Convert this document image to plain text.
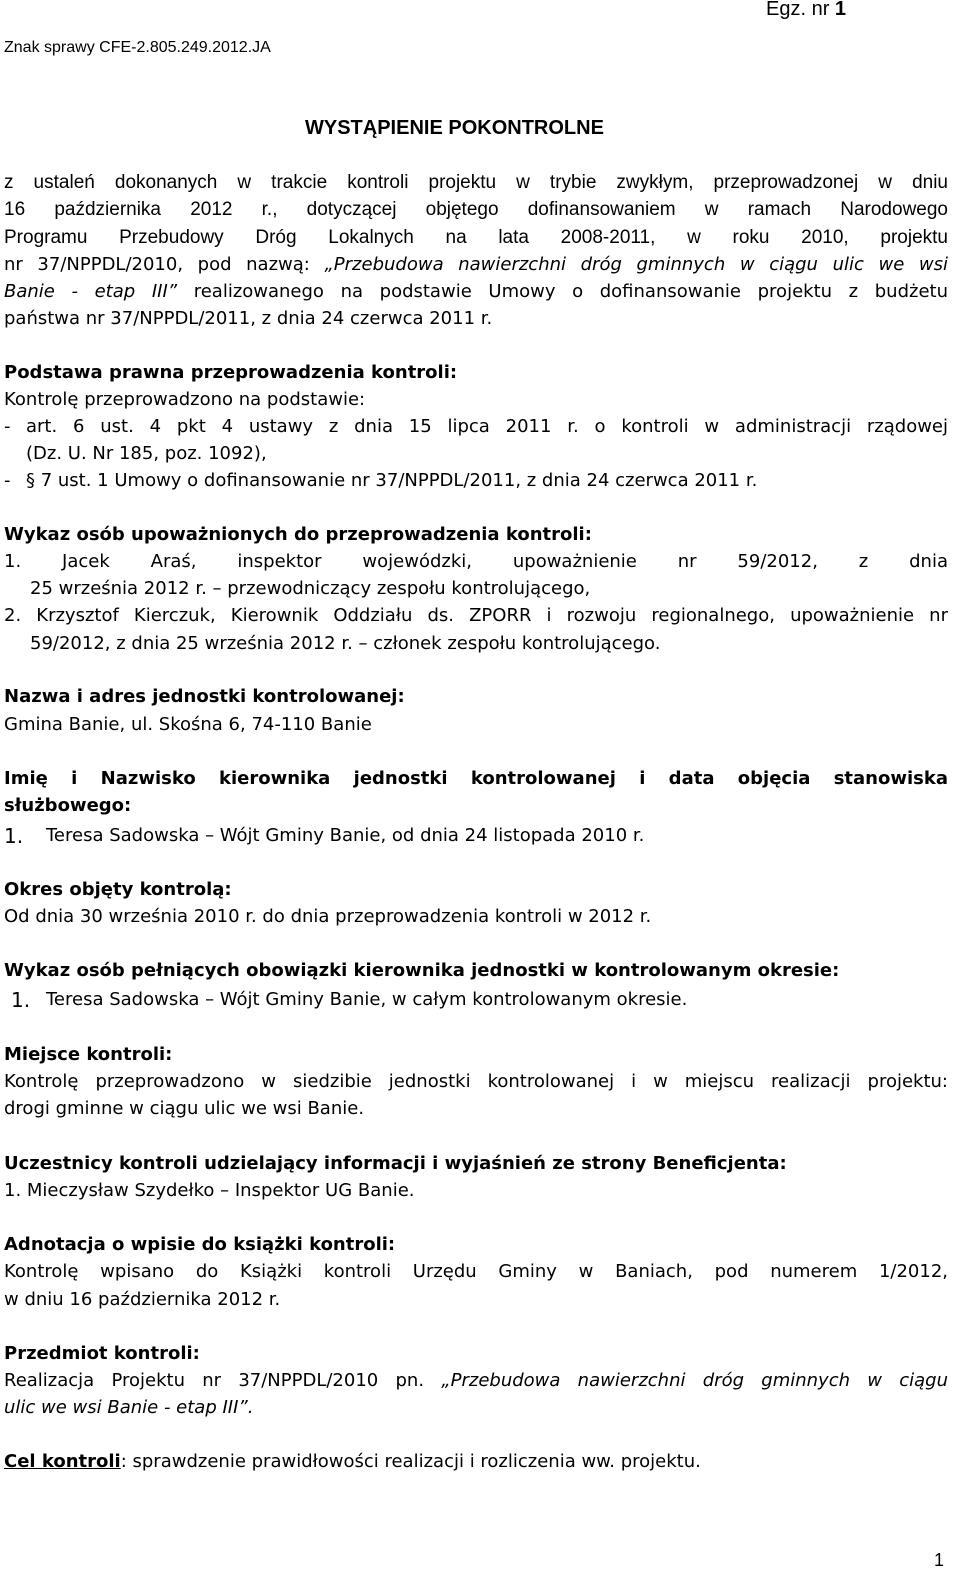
Egz. nr 1
Znak sprawy CFE-2.805.249.2012.JA
WYSTĄPIENIE POKONTROLNE
z ustaleń dokonanych w trakcie kontroli projektu w trybie zwykłym, przeprowadzonej w dniu
16 października 2012 r., dotyczącej objętego dofinansowaniem w ramach Narodowego
Programu Przebudowy Dróg Lokalnych na lata 2008-2011, w roku 2010, projektu
nr 37/NPPDL/2010, pod nazwą: „Przebudowa nawierzchni dróg gminnych w ciągu ulic we wsi
Banie - etap III” realizowanego na podstawie Umowy o dofinansowanie projektu z budżetu
państwa nr 37/NPPDL/2011, z dnia 24 czerwca 2011 r.
Podstawa prawna przeprowadzenia kontroli:
Kontrolę przeprowadzono na podstawie:
- art. 6 ust. 4 pkt 4 ustawy z dnia 15 lipca 2011 r. o kontroli w administracji rządowej
(Dz. U. Nr 185, poz. 1092),
- § 7 ust. 1 Umowy o dofinansowanie nr 37/NPPDL/2011, z dnia 24 czerwca 2011 r.
Wykaz osób upoważnionych do przeprowadzenia kontroli:
1. Jacek Araś, inspektor wojewódzki, upoważnienie nr 59/2012, z dnia
25 września 2012 r. – przewodniczący zespołu kontrolującego,
2. Krzysztof Kierczuk, Kierownik Oddziału ds. ZPORR i rozwoju regionalnego, upoważnienie nr
59/2012, z dnia 25 września 2012 r. – członek zespołu kontrolującego.
Nazwa i adres jednostki kontrolowanej:
Gmina Banie, ul. Skośna 6, 74-110 Banie
Imię i Nazwisko kierownika jednostki kontrolowanej i data objęcia stanowiska
służbowego:
1. Teresa Sadowska – Wójt Gminy Banie, od dnia 24 listopada 2010 r.
Okres objęty kontrolą:
Od dnia 30 września 2010 r. do dnia przeprowadzenia kontroli w 2012 r.
Wykaz osób pełniących obowiązki kierownika jednostki w kontrolowanym okresie:
1. Teresa Sadowska – Wójt Gminy Banie, w całym kontrolowanym okresie.
Miejsce kontroli:
Kontrolę przeprowadzono w siedzibie jednostki kontrolowanej i w miejscu realizacji projektu:
drogi gminne w ciągu ulic we wsi Banie.
Uczestnicy kontroli udzielający informacji i wyjaśnień ze strony Beneficjenta:
1. Mieczysław Szydełko – Inspektor UG Banie.
Adnotacja o wpisie do książki kontroli:
Kontrolę wpisano do Książki kontroli Urzędu Gminy w Baniach, pod numerem 1/2012,
w dniu 16 października 2012 r.
Przedmiot kontroli:
Realizacja Projektu nr 37/NPPDL/2010 pn. „Przebudowa nawierzchni dróg gminnych w ciągu
ulic we wsi Banie - etap III”.
Cel kontroli: sprawdzenie prawidłowości realizacji i rozliczenia ww. projektu.
1
